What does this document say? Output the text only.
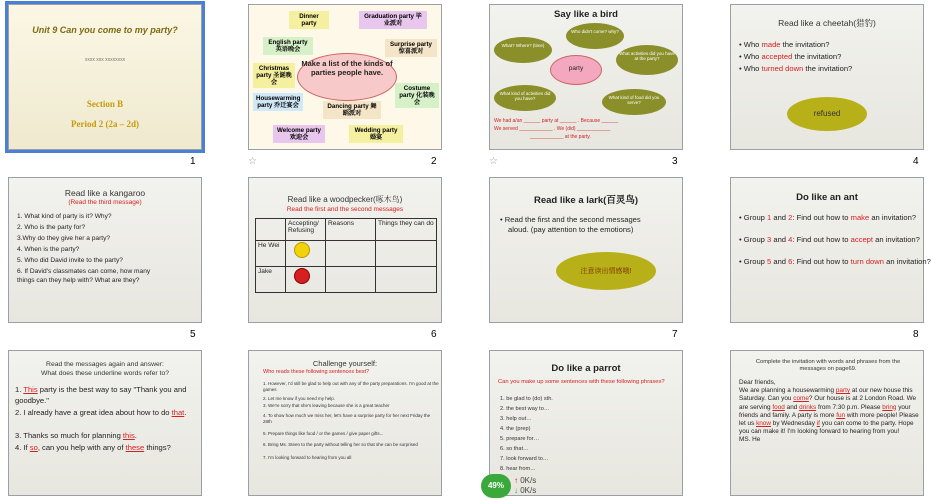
Unit 9 Can you come to my party?
xxxx xxx xxxxxxxx
Section B
Period 2 (2a – 2d)
1
Make a list of the kinds of parties people have.
Dinner party
Graduation party 毕业派对
English party 英语晚会
Surprise party 惊喜派对
Christmas party 圣诞晚会
Housewarming party 乔迁宴会
Costume party 化装晚会
Dancing party 舞蹈派对
Welcome party 欢迎会
Wedding party 婚宴
☆	2
Say like a bird
What? Where? (time)
Who didn't come? why?
What activities did you have at the party?
What kind of activities did you have?	What kind of food did you serve?
party
We had a/an ______ party at ______ . Because ______
We served ____________ . We (did) ____________
____________ at the party.
☆	3
Read like a cheetah(猎豹)
• Who made the invitation?
• Who accepted the invitation?
• Who turned down the invitation?
refused
4
Read like a kangaroo
(Read the third message)
1. What kind of party is it? Why?
2. Who is the party for?
3.Why do they give her a party?
4. When is the party?
5. Who did David invite to the party?
6. If David's classmates can come, how many
things can they help with? What are they?
5
Read like a woodpecker(啄木鸟)
Read the first and the second messages
	Accepting/ Refusing	Reasons	Things they can do
He Wei			
Jake			
6
Read like a lark(百灵鸟)
• Read the first and the second messages
aloud. (pay attention to the emotions)
注意读出情感哦!
7
Do like an ant
• Group 1 and 2: Find out how to make an invitation?
• Group 3 and 4: Find out how to accept an invitation?
• Group 5 and 6: Find out how to turn down an invitation?
8
Read the messages again and answer:
What does these underline words refer to?
1. This party is the best way to say "Thank you and goodbye."
2. I already have a great idea about how to do that.
3. Thanks so much for planning this.
4. If so, can you help with any of these things?
Challenge yourself:
Who reads these following sentences best?
1. However, I'd still be glad to help out with any of the party preparations. I'm good at the games
2. Let me know if you need my help.
3. We're sorry that she's leaving because she is a great teacher
4. To show how much we miss her, let's have a surprise party for her next Friday the 28th
5. Prepare things like food / or the games / give paper gifts...
6. Bring Ms. Steen to the party without telling her so that she can be surprised
7. I'm looking forward to hearing from you all
Do like a parrot
Can you make up some sentences with these following phrases?
1. be glad to (do) sth.
2. the best way to…
3. help out…
4. the (prep)
5. prepare for…
6. so that…
7. look forward to…
8. hear from…
Complete the invitation with words and phrases from the messages on page69.
Dear friends,
We are planning a housewarming party at our new house this Saturday. Can you come? Our house is at 2 London Road. We are serving food and drinks from 7:30 p.m. Please bring your friends and family. A party is more fun with more people! Please let us know by Wednesday if you can come to the party. Hope you can make it! I'm looking forward to hearing from you!
MS. He
49%
↑ 0K/s
↓ 0K/s
